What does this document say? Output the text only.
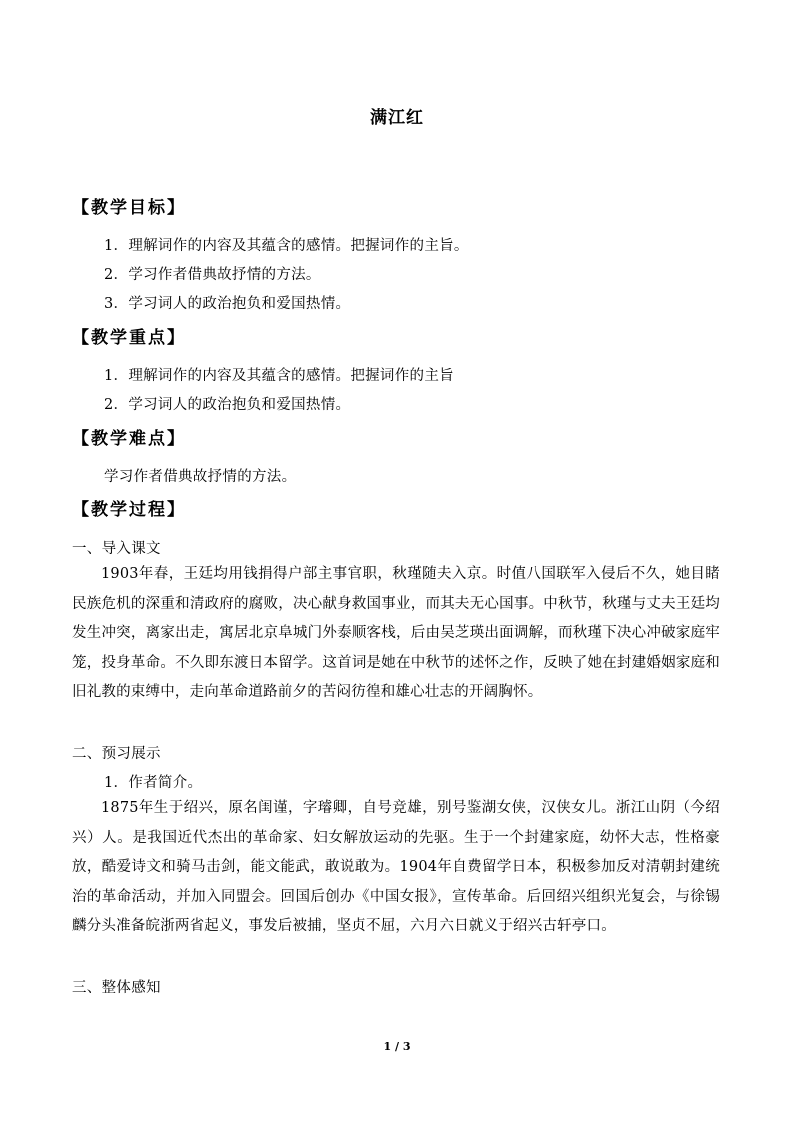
满江红
【教学目标】
1．理解词作的内容及其蕴含的感情。把握词作的主旨。
2．学习作者借典故抒情的方法。
3．学习词人的政治抱负和爱国热情。
【教学重点】
1．理解词作的内容及其蕴含的感情。把握词作的主旨
2．学习词人的政治抱负和爱国热情。
【教学难点】
学习作者借典故抒情的方法。
【教学过程】
一、导入课文
1903年春，王廷均用钱捐得户部主事官职，秋瑾随夫入京。时值八国联军入侵后不久，她目睹民族危机的深重和清政府的腐败，决心献身救国事业，而其夫无心国事。中秋节，秋瑾与丈夫王廷均发生冲突，离家出走，寓居北京阜城门外泰顺客栈，后由吴芝瑛出面调解，而秋瑾下决心冲破家庭牢笼，投身革命。不久即东渡日本留学。这首词是她在中秋节的述怀之作，反映了她在封建婚姻家庭和旧礼教的束缚中，走向革命道路前夕的苦闷彷徨和雄心壮志的开阔胸怀。
二、预习展示
1．作者简介。
1875年生于绍兴，原名闺谨，字璿卿，自号竞雄，别号鉴湖女侠，汉侠女儿。浙江山阴（今绍兴）人。是我国近代杰出的革命家、妇女解放运动的先驱。生于一个封建家庭，幼怀大志，性格豪放，酷爱诗文和骑马击剑，能文能武，敢说敢为。1904年自费留学日本，积极参加反对清朝封建统治的革命活动，并加入同盟会。回国后创办《中国女报》，宣传革命。后回绍兴组织光复会，与徐锡麟分头准备皖浙两省起义，事发后被捕，坚贞不屈，六月六日就义于绍兴古轩亭口。
三、整体感知
1 / 3
